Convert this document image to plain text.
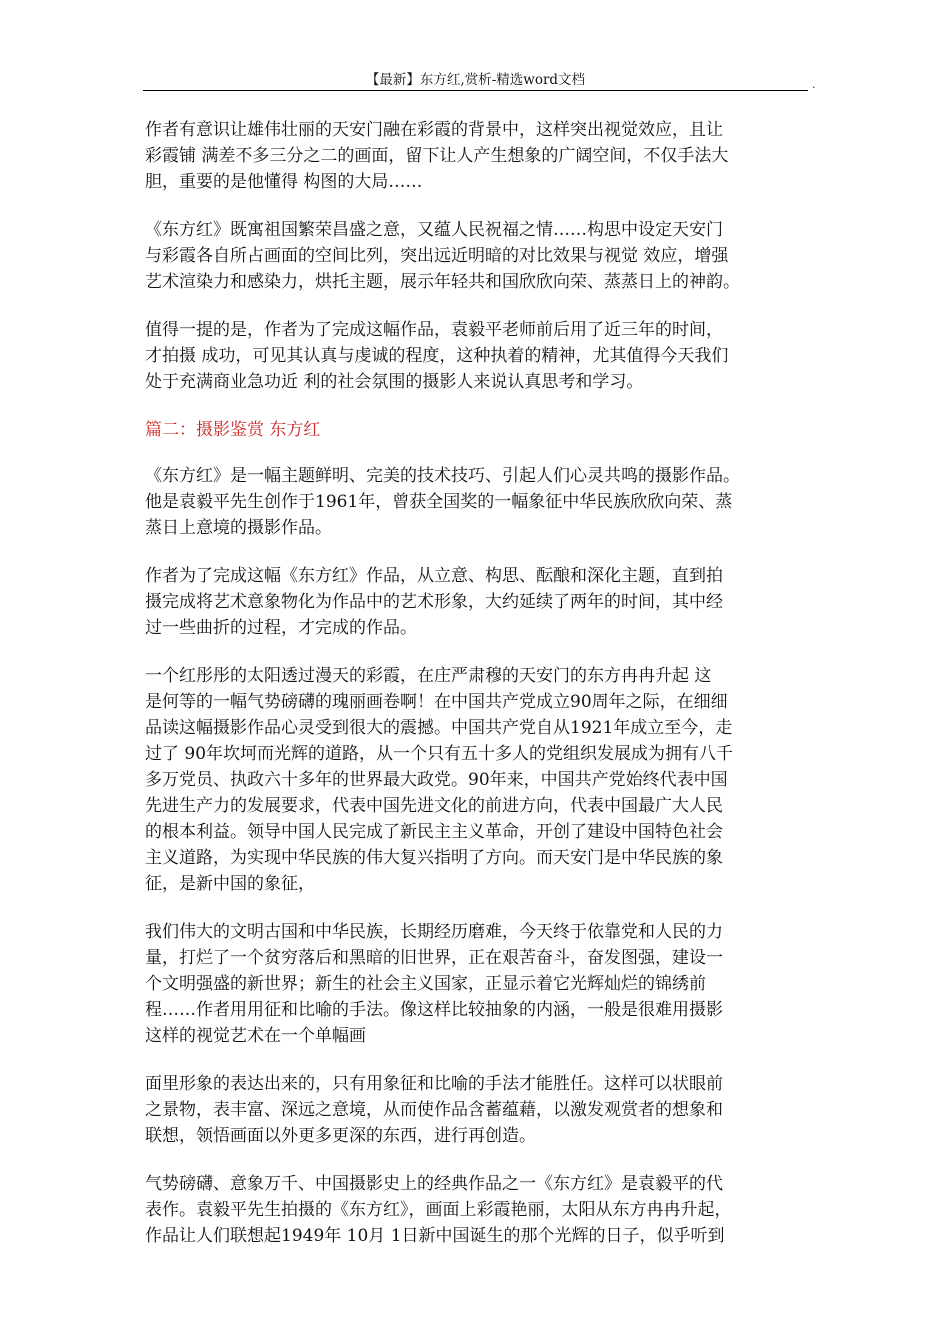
【最新】东方红,赏析-精选word文档	.

作者有意识让雄伟壮丽的天安门融在彩霞的背景中，这样突出视觉效应，且让
彩霞铺 满差不多三分之二的画面，留下让人产生想象的广阔空间，不仅手法大
胆，重要的是他懂得 构图的大局……

《东方红》既寓祖国繁荣昌盛之意，又蕴人民祝福之情……构思中设定天安门
与彩霞各自所占画面的空间比列，突出远近明暗的对比效果与视觉 效应，增强
艺术渲染力和感染力，烘托主题，展示年轻共和国欣欣向荣、蒸蒸日上的神韵。

值得一提的是，作者为了完成这幅作品，袁毅平老师前后用了近三年的时间，
才拍摄 成功，可见其认真与虔诚的程度，这种执着的精神，尤其值得今天我们
处于充满商业急功近 利的社会氛围的摄影人来说认真思考和学习。

篇二：摄影鉴赏 东方红

《东方红》是一幅主题鲜明、完美的技术技巧、引起人们心灵共鸣的摄影作品。
他是袁毅平先生创作于1961年，曾获全国奖的一幅象征中华民族欣欣向荣、蒸
蒸日上意境的摄影作品。

作者为了完成这幅《东方红》作品，从立意、构思、酝酿和深化主题，直到拍
摄完成将艺术意象物化为作品中的艺术形象，大约延续了两年的时间，其中经
过一些曲折的过程，才完成的作品。

一个红彤彤的太阳透过漫天的彩霞，在庄严肃穆的天安门的东方冉冉升起 这
是何等的一幅气势磅礴的瑰丽画卷啊！在中国共产党成立90周年之际，在细细
品读这幅摄影作品心灵受到很大的震撼。中国共产党自从1921年成立至今，走
过了 90年坎坷而光辉的道路，从一个只有五十多人的党组织发展成为拥有八千
多万党员、执政六十多年的世界最大政党。90年来，中国共产党始终代表中国
先进生产力的发展要求，代表中国先进文化的前进方向，代表中国最广大人民
的根本利益。领导中国人民完成了新民主主义革命，开创了建设中国特色社会
主义道路，为实现中华民族的伟大复兴指明了方向。而天安门是中华民族的象
征，是新中国的象征，

我们伟大的文明古国和中华民族，长期经历磨难，今天终于依靠党和人民的力
量，打烂了一个贫穷落后和黑暗的旧世界，正在艰苦奋斗，奋发图强，建设一
个文明强盛的新世界；新生的社会主义国家，正显示着它光辉灿烂的锦绣前
程……作者用用征和比喻的手法。像这样比较抽象的内涵，一般是很难用摄影
这样的视觉艺术在一个单幅画

面里形象的表达出来的，只有用象征和比喻的手法才能胜任。这样可以状眼前
之景物，表丰富、深远之意境，从而使作品含蓄蕴藉，以激发观赏者的想象和
联想，领悟画面以外更多更深的东西，进行再创造。

气势磅礴、意象万千、中国摄影史上的经典作品之一《东方红》是袁毅平的代
表作。袁毅平先生拍摄的《东方红》，画面上彩霞艳丽，太阳从东方冉冉升起，
作品让人们联想起1949年 10月 1日新中国诞生的那个光辉的日子，似乎听到
